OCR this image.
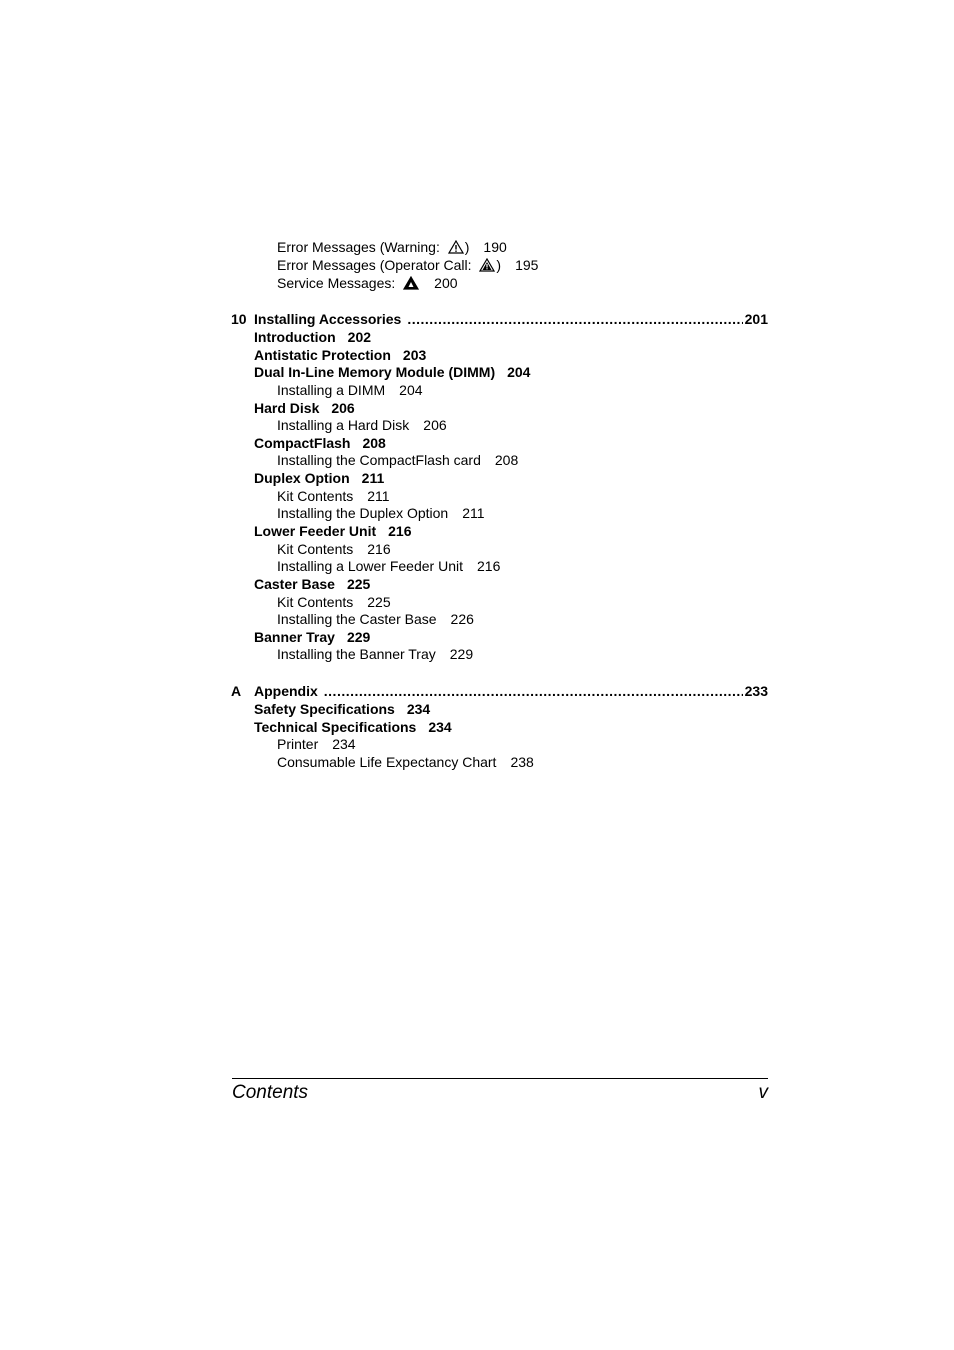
Error Messages (Warning: ) 190
Error Messages (Operator Call: ) 195
Service Messages:	200
10 Installing Accessories .....	201
Introduction 202
Antistatic Protection 203
Dual In-Line Memory Module (DIMM) 204
Installing a DIMM 204
Hard Disk 206
Installing a Hard Disk 206
CompactFlash 208
Installing the CompactFlash card 208
Duplex Option 211
Kit Contents 211
Installing the Duplex Option 211
Lower Feeder Unit 216
Kit Contents 216
Installing a Lower Feeder Unit 216
Caster Base 225
Kit Contents 225
Installing the Caster Base 226
Banner Tray 229
Installing the Banner Tray 229
A Appendix .....	233
Safety Specifications 234
Technical Specifications 234
Printer 234
Consumable Life Expectancy Chart 238
Contents	v
